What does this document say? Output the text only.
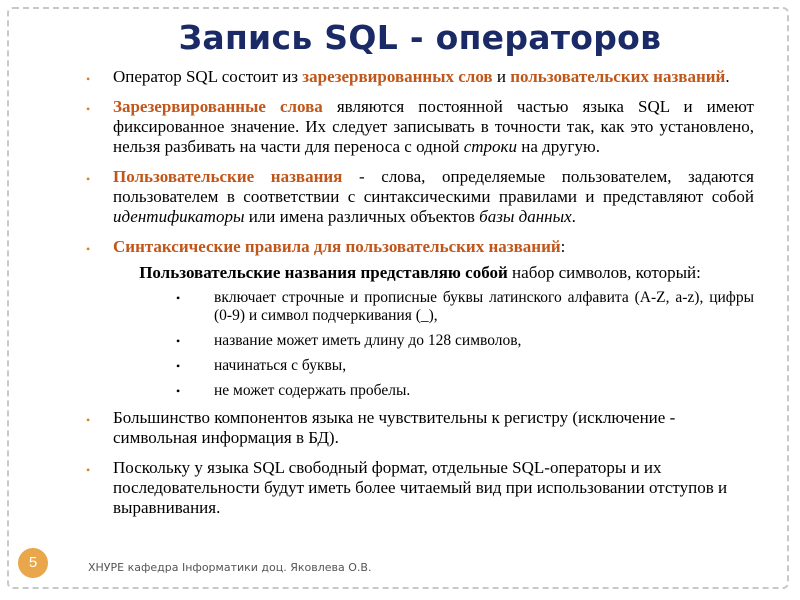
Запись SQL - операторов
• Оператор SQL состоит из зарезервированных слов и пользовательских названий.
• Зарезервированные слова являются постоянной частью языка SQL и имеют фиксированное значение. Их следует записывать в точности так, как это установлено, нельзя разбивать на части для переноса с одной строки на другую.
• Пользовательские названия - слова, определяемые пользователем, задаются пользователем в соответствии с синтаксическими правилами и представляют собой идентификаторы или имена различных объектов базы данных.
• Синтаксические правила для пользовательских названий:
Пользовательские названия представляю собой набор символов, который:
• включает строчные и прописные буквы латинского алфавита (A-Z, a-z), цифры (0-9) и символ подчеркивания (_),
• название может иметь длину до 128 символов,
• начинаться с буквы,
• не может содержать пробелы.
• Большинство компонентов языка не чувствительны к регистру (исключение - символьная информация в БД).
• Поскольку у языка SQL свободный формат, отдельные SQL-операторы и их последовательности будут иметь более читаемый вид при использовании отступов и выравнивания.
5	ХНУРЕ кафедра Інформатики доц. Яковлева О.В.
